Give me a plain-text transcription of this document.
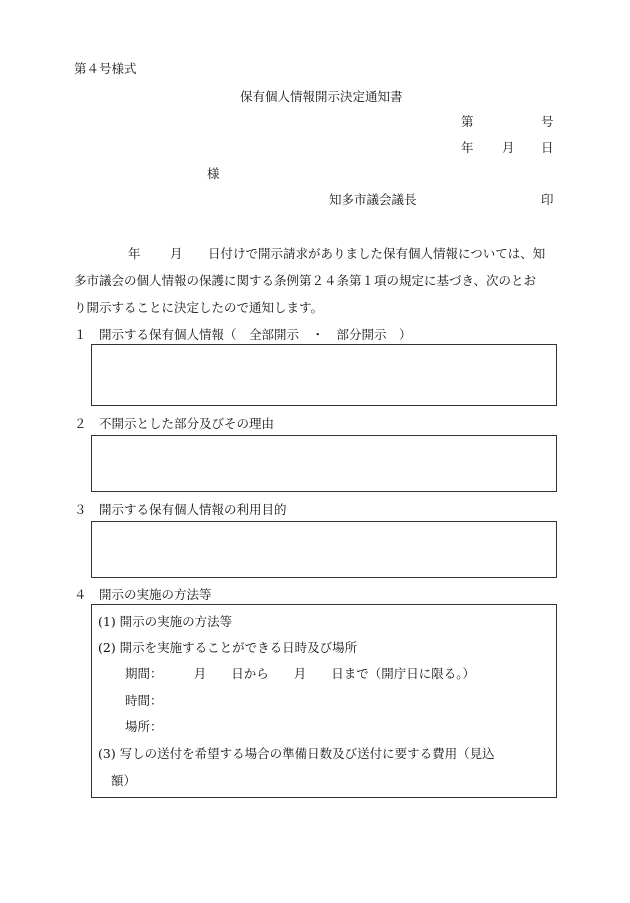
第４号様式
保有個人情報開示決定通知書
第	号
年 月 日
様
知多市議会議長	印
年 月 日付けで開示請求がありました保有個人情報については、知
多市議会の個人情報の保護に関する条例第２４条第１項の規定に基づき、次のとお
り開示することに決定したので通知します。
１　開示する保有個人情報（　全部開示　・　部分開示　）
２　不開示とした部分及びその理由
３　開示する保有個人情報の利用目的
４　開示の実施の方法等
(1) 開示の実施の方法等
(2) 開示を実施することができる日時及び場所
期間：　　　月　　日から　　月　　日まで（開庁日に限る。）
時間：
場所：
(3) 写しの送付を希望する場合の準備日数及び送付に要する費用（見込
額）
